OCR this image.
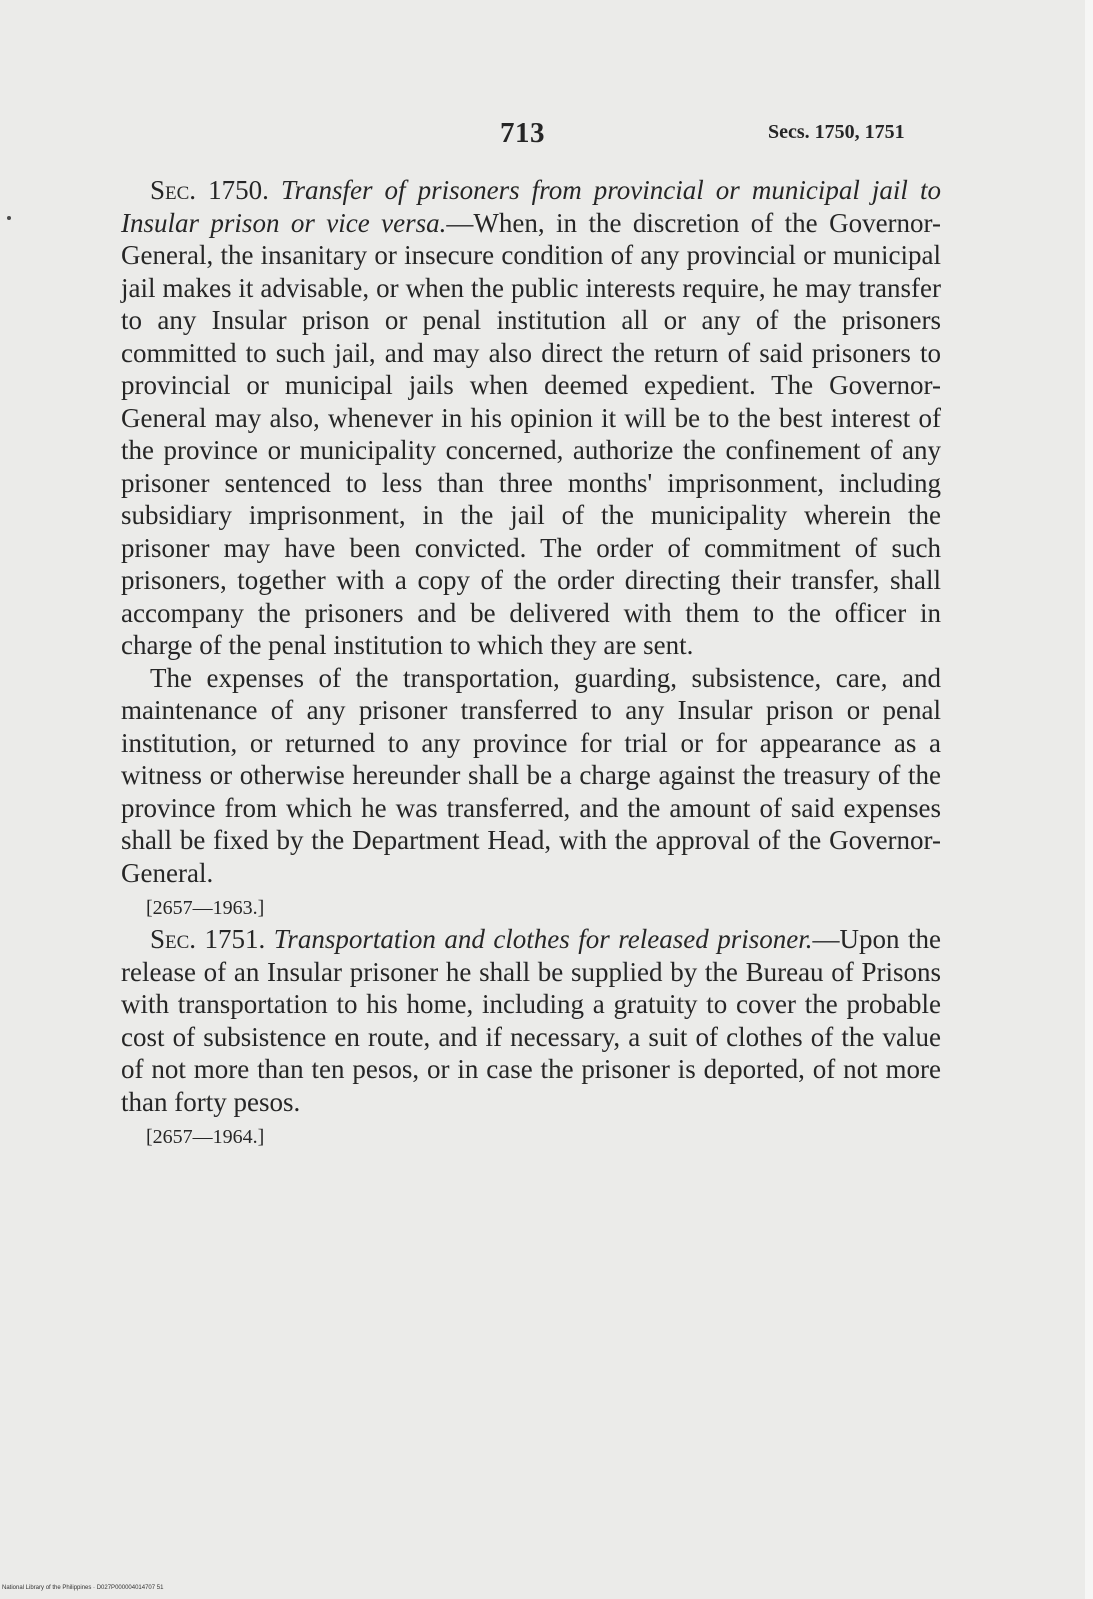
713	Secs. 1750, 1751

Sec. 1750. Transfer of prisoners from provincial or municipal jail to Insular prison or vice versa.—When, in the discretion of the Governor-General, the insanitary or insecure condition of any provincial or municipal jail makes it advisable, or when the public interests require, he may transfer to any Insular prison or penal institution all or any of the prisoners committed to such jail, and may also direct the return of said prisoners to provincial or municipal jails when deemed expedient. The Governor-General may also, whenever in his opinion it will be to the best interest of the province or municipality concerned, authorize the confinement of any prisoner sentenced to less than three months' imprisonment, including subsidiary imprisonment, in the jail of the municipality wherein the prisoner may have been convicted. The order of commitment of such prisoners, together with a copy of the order directing their transfer, shall accompany the prisoners and be delivered with them to the officer in charge of the penal institution to which they are sent.

The expenses of the transportation, guarding, subsistence, care, and maintenance of any prisoner transferred to any Insular prison or penal institution, or returned to any province for trial or for appearance as a witness or otherwise hereunder shall be a charge against the treasury of the province from which he was transferred, and the amount of said expenses shall be fixed by the Department Head, with the approval of the Governor-General.

[2657—1963.]

Sec. 1751. Transportation and clothes for released prisoner.—Upon the release of an Insular prisoner he shall be supplied by the Bureau of Prisons with transportation to his home, including a gratuity to cover the probable cost of subsistence en route, and if necessary, a suit of clothes of the value of not more than ten pesos, or in case the prisoner is deported, of not more than forty pesos.

[2657—1964.]
National Library of the Philippines · D027P000004014707 51
